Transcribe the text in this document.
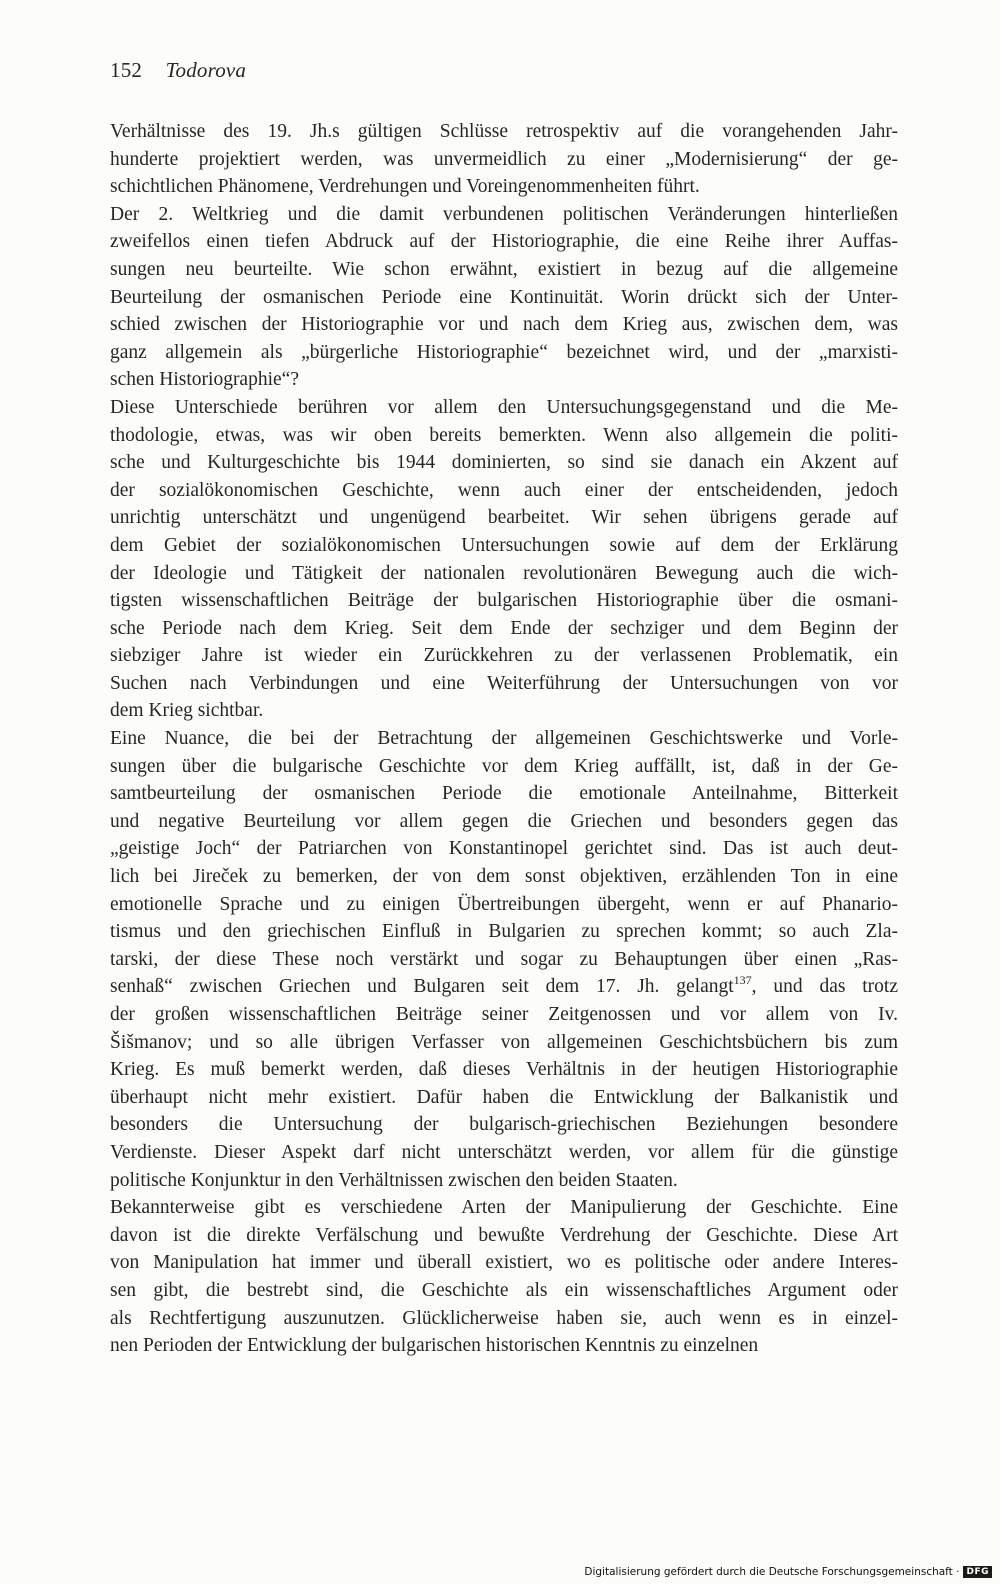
152 Todorova
Verhältnisse des 19. Jh.s gültigen Schlüsse retrospektiv auf die vorangehenden Jahr-
hunderte projektiert werden, was unvermeidlich zu einer „Modernisierung“ der ge-
schichtlichen Phänomene, Verdrehungen und Voreingenommenheiten führt.
Der 2. Weltkrieg und die damit verbundenen politischen Veränderungen hinterließen
zweifellos einen tiefen Abdruck auf der Historiographie, die eine Reihe ihrer Auffas-
sungen neu beurteilte. Wie schon erwähnt, existiert in bezug auf die allgemeine
Beurteilung der osmanischen Periode eine Kontinuität. Worin drückt sich der Unter-
schied zwischen der Historiographie vor und nach dem Krieg aus, zwischen dem, was
ganz allgemein als „bürgerliche Historiographie“ bezeichnet wird, und der „marxisti-
schen Historiographie“?
Diese Unterschiede berühren vor allem den Untersuchungsgegenstand und die Me-
thodologie, etwas, was wir oben bereits bemerkten. Wenn also allgemein die politi-
sche und Kulturgeschichte bis 1944 dominierten, so sind sie danach ein Akzent auf
der sozialökonomischen Geschichte, wenn auch einer der entscheidenden, jedoch
unrichtig unterschätzt und ungenügend bearbeitet. Wir sehen übrigens gerade auf
dem Gebiet der sozialökonomischen Untersuchungen sowie auf dem der Erklärung
der Ideologie und Tätigkeit der nationalen revolutionären Bewegung auch die wich-
tigsten wissenschaftlichen Beiträge der bulgarischen Historiographie über die osmani-
sche Periode nach dem Krieg. Seit dem Ende der sechziger und dem Beginn der
siebziger Jahre ist wieder ein Zurückkehren zu der verlassenen Problematik, ein
Suchen nach Verbindungen und eine Weiterführung der Untersuchungen von vor
dem Krieg sichtbar.
Eine Nuance, die bei der Betrachtung der allgemeinen Geschichtswerke und Vorle-
sungen über die bulgarische Geschichte vor dem Krieg auffällt, ist, daß in der Ge-
samtbeurteilung der osmanischen Periode die emotionale Anteilnahme, Bitterkeit
und negative Beurteilung vor allem gegen die Griechen und besonders gegen das
„geistige Joch“ der Patriarchen von Konstantinopel gerichtet sind. Das ist auch deut-
lich bei Jireček zu bemerken, der von dem sonst objektiven, erzählenden Ton in eine
emotionelle Sprache und zu einigen Übertreibungen übergeht, wenn er auf Phanario-
tismus und den griechischen Einfluß in Bulgarien zu sprechen kommt; so auch Zla-
tarski, der diese These noch verstärkt und sogar zu Behauptungen über einen „Ras-
senhaß“ zwischen Griechen und Bulgaren seit dem 17. Jh. gelangt$^{137}$, und das trotz
der großen wissenschaftlichen Beiträge seiner Zeitgenossen und vor allem von Iv.
Šišmanov; und so alle übrigen Verfasser von allgemeinen Geschichtsbüchern bis zum
Krieg. Es muß bemerkt werden, daß dieses Verhältnis in der heutigen Historiographie
überhaupt nicht mehr existiert. Dafür haben die Entwicklung der Balkanistik und
besonders die Untersuchung der bulgarisch-griechischen Beziehungen besondere
Verdienste. Dieser Aspekt darf nicht unterschätzt werden, vor allem für die günstige
politische Konjunktur in den Verhältnissen zwischen den beiden Staaten.
Bekannterweise gibt es verschiedene Arten der Manipulierung der Geschichte. Eine
davon ist die direkte Verfälschung und bewußte Verdrehung der Geschichte. Diese Art
von Manipulation hat immer und überall existiert, wo es politische oder andere Interes-
sen gibt, die bestrebt sind, die Geschichte als ein wissenschaftliches Argument oder
als Rechtfertigung auszunutzen. Glücklicherweise haben sie, auch wenn es in einzel-
nen Perioden der Entwicklung der bulgarischen historischen Kenntnis zu einzelnen
Digitalisierung gefördert durch die Deutsche Forschungsgemeinschaft · DFG
